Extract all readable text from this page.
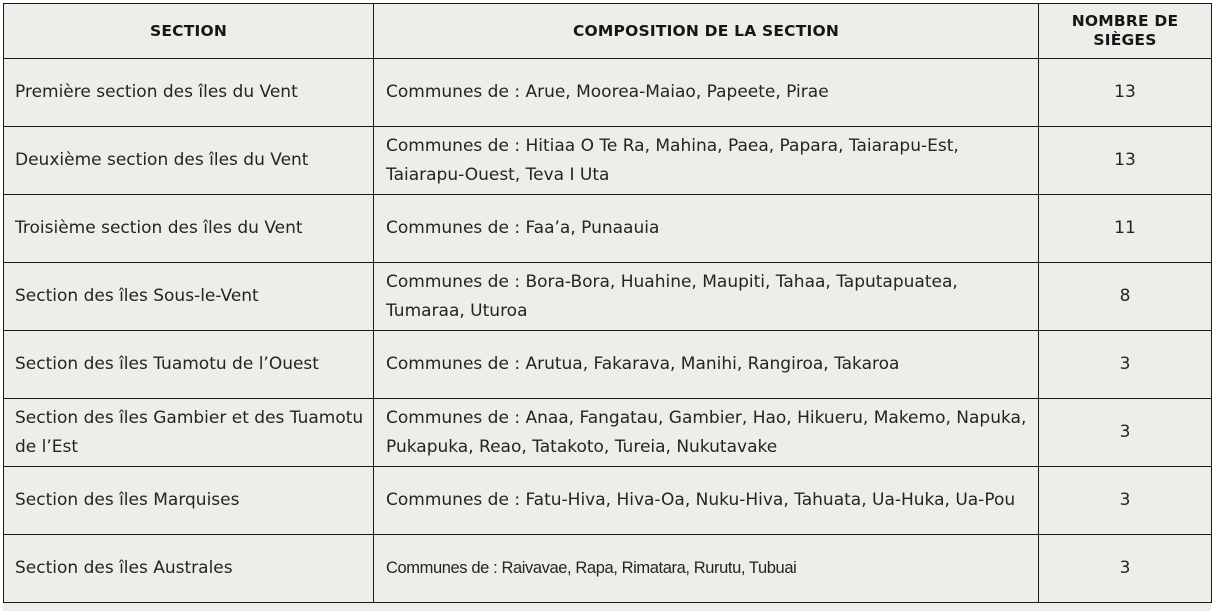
SECTION	COMPOSITION DE LA SECTION	NOMBRE DE
SIÈGES
Première section des îles du Vent	Communes de : Arue, Moorea-Maiao, Papeete, Pirae	13
Deuxième section des îles du Vent	Communes de : Hitiaa O Te Ra, Mahina, Paea, Papara, Taiarapu-Est, Taiarapu-Ouest, Teva I Uta	13
Troisième section des îles du Vent	Communes de : Faa’a, Punaauia	11
Section des îles Sous-le-Vent	Communes de : Bora-Bora, Huahine, Maupiti, Tahaa, Taputapuatea, Tumaraa, Uturoa	8
Section des îles Tuamotu de l’Ouest	Communes de : Arutua, Fakarava, Manihi, Rangiroa, Takaroa	3
Section des îles Gambier et des Tuamotu de l’Est	Communes de : Anaa, Fangatau, Gambier, Hao, Hikueru, Makemo, Napuka, Pukapuka, Reao, Tatakoto, Tureia, Nukutavake	3
Section des îles Marquises	Communes de : Fatu-Hiva, Hiva-Oa, Nuku-Hiva, Tahuata, Ua-Huka, Ua-Pou	3
Section des îles Australes	Communes de : Raivavae, Rapa, Rimatara, Rurutu, Tubuai	3
